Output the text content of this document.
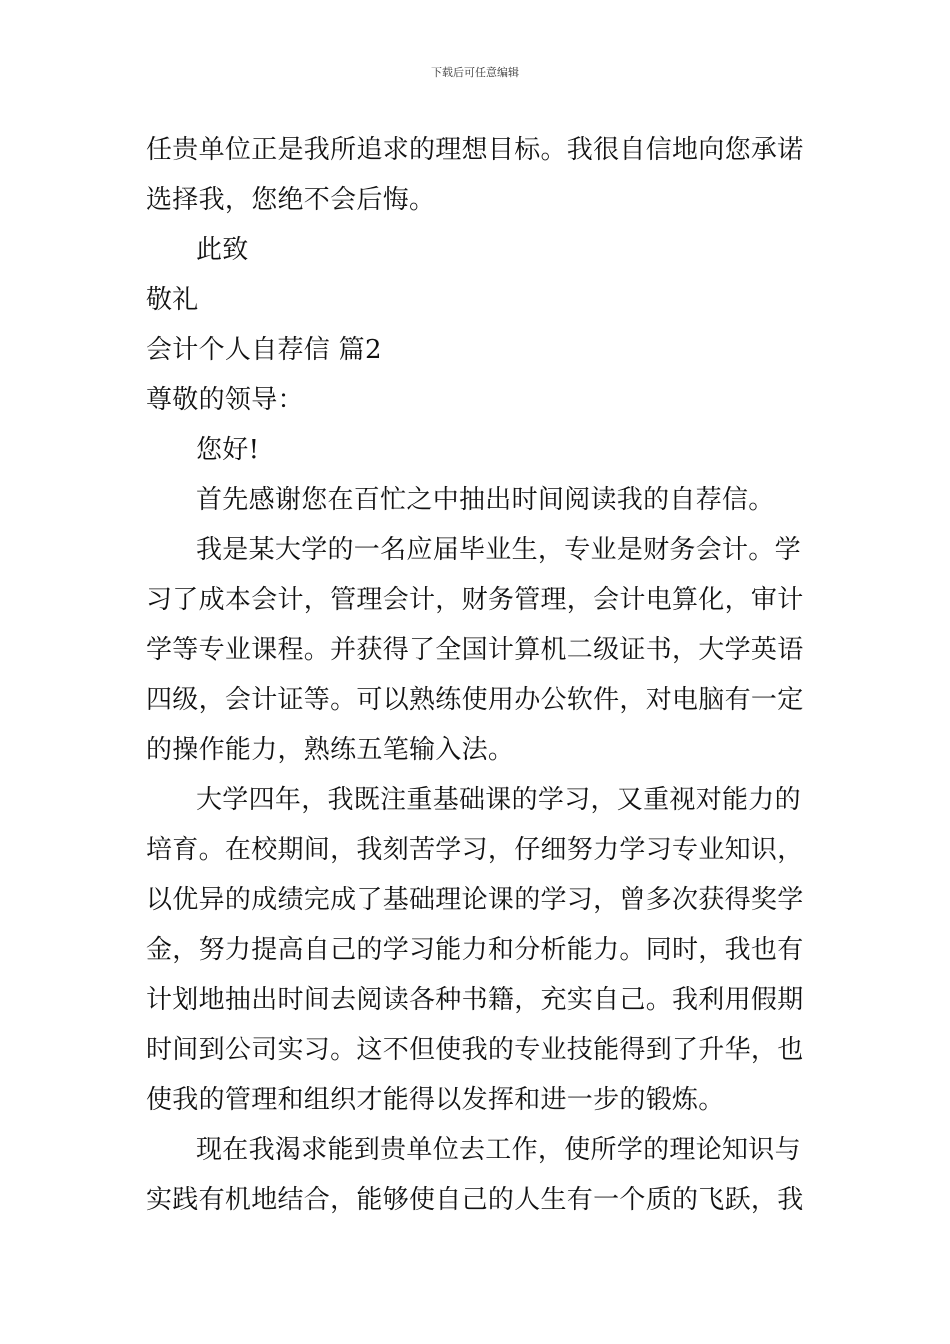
下载后可任意编辑
任贵单位正是我所追求的理想目标。我很自信地向您承诺
选择我，您绝不会后悔。
此致
敬礼
会计个人自荐信 篇2
尊敬的领导：
您好!
首先感谢您在百忙之中抽出时间阅读我的自荐信。
我是某大学的一名应届毕业生，专业是财务会计。学
习了成本会计，管理会计，财务管理，会计电算化，审计
学等专业课程。并获得了全国计算机二级证书，大学英语
四级，会计证等。可以熟练使用办公软件，对电脑有一定
的操作能力，熟练五笔输入法。
大学四年，我既注重基础课的学习，又重视对能力的
培育。在校期间，我刻苦学习，仔细努力学习专业知识，
以优异的成绩完成了基础理论课的学习，曾多次获得奖学
金，努力提高自己的学习能力和分析能力。同时，我也有
计划地抽出时间去阅读各种书籍，充实自己。我利用假期
时间到公司实习。这不但使我的专业技能得到了升华，也
使我的管理和组织才能得以发挥和进一步的锻炼。
现在我渴求能到贵单位去工作，使所学的理论知识与
实践有机地结合，能够使自己的人生有一个质的飞跃，我
